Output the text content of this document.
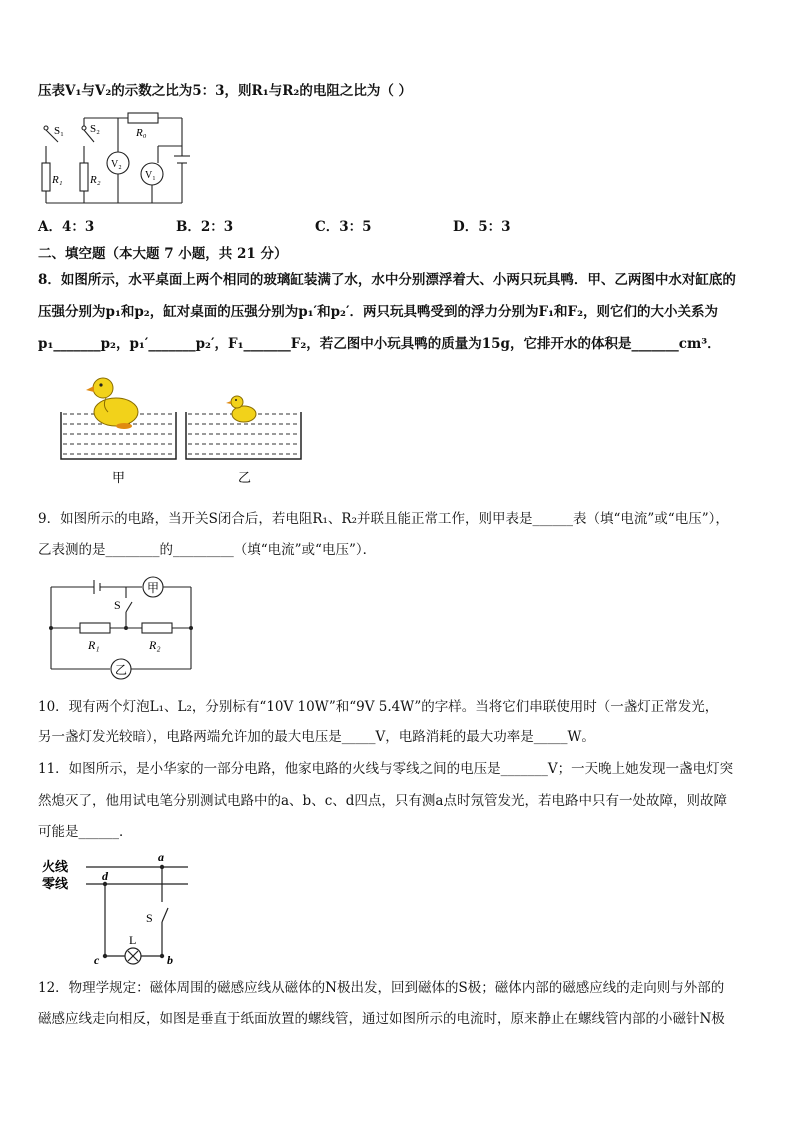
压表V₁与V₂的示数之比为5：3，则R₁与R₂的电阻之比为（ ）
S₁ S₂	R₀
R₁ R₂
V₂
V₁
A．4：3	B．2：3	C．3：5	D．5：3
二、填空题（本大题 7 小题，共 21 分）
8．如图所示，水平桌面上两个相同的玻璃缸装满了水，水中分别漂浮着大、小两只玩具鸭．甲、乙两图中水对缸底的
压强分别为p₁和p₂，缸对桌面的压强分别为p₁′和p₂′．两只玩具鸭受到的浮力分别为F₁和F₂，则它们的大小关系为
p₁_______p₂，p₁′_______p₂′，F₁_______F₂，若乙图中小玩具鸭的质量为15g，它排开水的体积是_______cm³．
甲	乙
9．如图所示的电路，当开关S闭合后，若电阻R₁、R₂并联且能正常工作，则甲表是______表（填“电流”或“电压”），
乙表测的是________的_________（填“电流”或“电压”）．
甲
乙
S
R₁	R₂
10．现有两个灯泡L₁、L₂，分别标有“10V 10W”和“9V 5.4W”的字样。当将它们串联使用时（一盏灯正常发光，
另一盏灯发光较暗），电路两端允许加的最大电压是_____V，电路消耗的最大功率是_____W。
11．如图所示，是小华家的一部分电路，他家电路的火线与零线之间的电压是_______V；一天晚上她发现一盏电灯突
然熄灭了，他用试电笔分别测试电路中的a、b、c、d四点，只有测a点时氖管发光，若电路中只有一处故障，则故障
可能是______．
火线
零线
a
d
c	b
S
L
12．物理学规定：磁体周围的磁感应线从磁体的N极出发，回到磁体的S极；磁体内部的磁感应线的走向则与外部的
磁感应线走向相反，如图是垂直于纸面放置的螺线管，通过如图所示的电流时，原来静止在螺线管内部的小磁针N极
